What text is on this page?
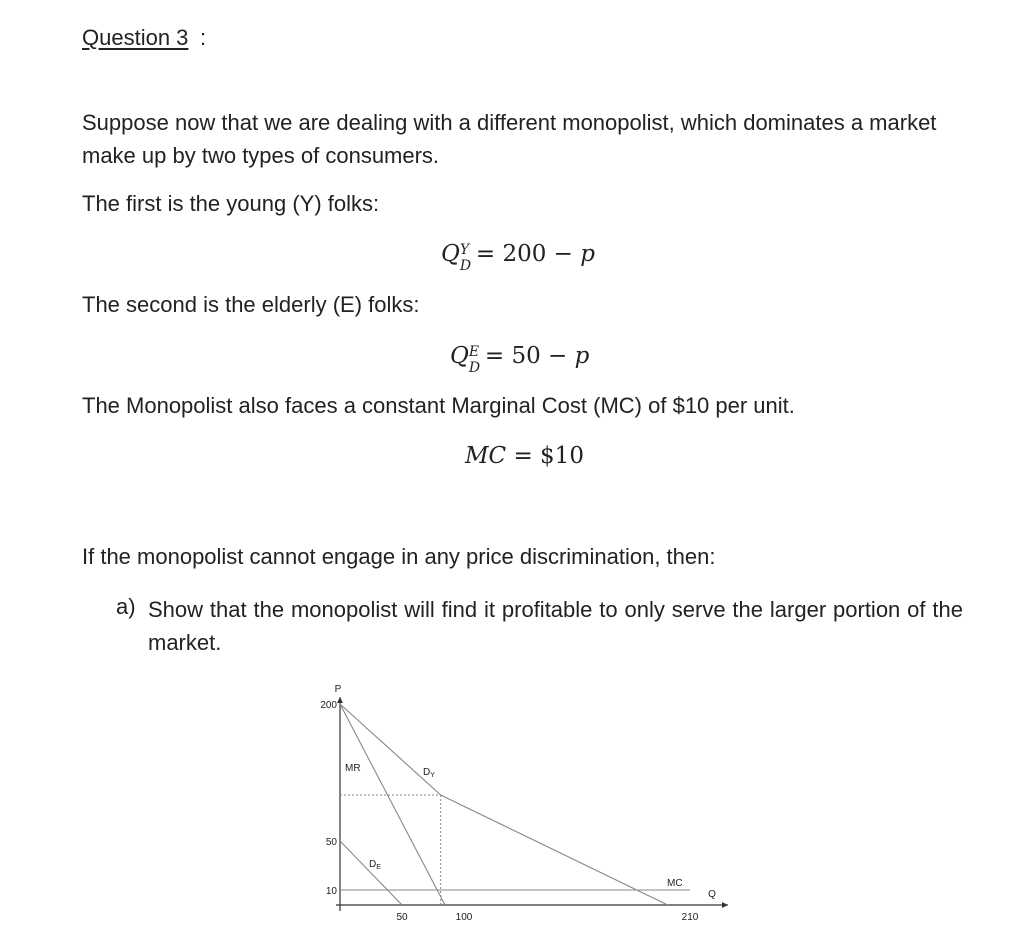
Question 3 :
Suppose now that we are dealing with a different monopolist, which dominates a market make up by two types of consumers.
The first is the young (Y) folks:
Q Y
D = 200 − p
The second is the elderly (E) folks:
Q E
D = 50 − p
The Monopolist also faces a constant Marginal Cost (MC) of $10 per unit.
MC = $10
If the monopolist cannot engage in any price discrimination, then:
a) Show that the monopolist will find it profitable to only serve the larger portion of the market.
$D_Y$
MR
$D_E$
MC
P
Q
200
50
10
50	100	210
